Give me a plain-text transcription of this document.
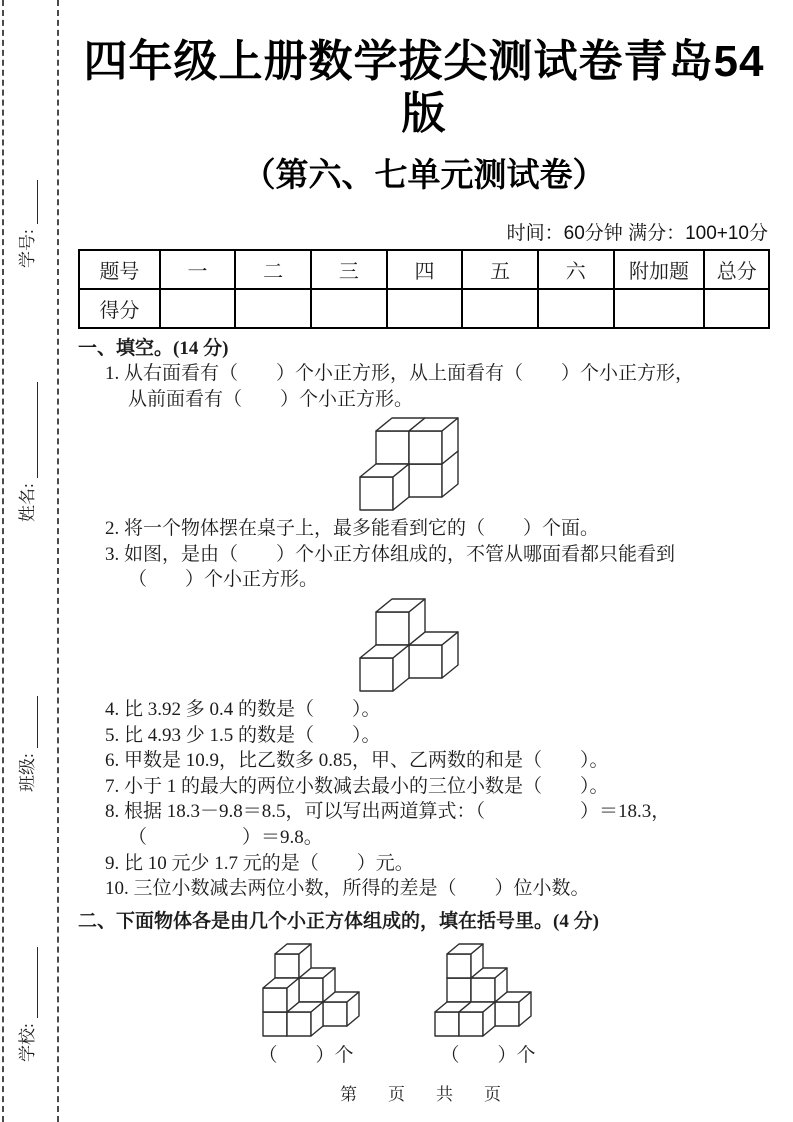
学号:
姓名:
班级:
学校:
四年级上册数学拔尖测试卷青岛54版
（第六、七单元测试卷）
时间：60分钟 满分：100+10分
题号	一	二	三	四	五	六	附加题	总分
得分								
一、填空。(14 分)
1. 从右面看有（　　）个小正方形，从上面看有（　　）个小正方形，
从前面看有（　　）个小正方形。
2. 将一个物体摆在桌子上，最多能看到它的（　　）个面。
3. 如图，是由（　　）个小正方体组成的，不管从哪面看都只能看到
（　　）个小正方形。
4. 比 3.92 多 0.4 的数是（　　）。
5. 比 4.93 少 1.5 的数是（　　）。
6. 甲数是 10.9，比乙数多 0.85，甲、乙两数的和是（　　）。
7. 小于 1 的最大的两位小数减去最小的三位小数是（　　）。
8. 根据 18.3－9.8＝8.5，可以写出两道算式：（　　　　　）＝18.3，
（　　　　　）＝9.8。
9. 比 10 元少 1.7 元的是（　　）元。
10. 三位小数减去两位小数，所得的差是（　　）位小数。
二、下面物体各是由几个小正方体组成的，填在括号里。(4 分)
（　　）个	（　　）个
第　页　共　页
